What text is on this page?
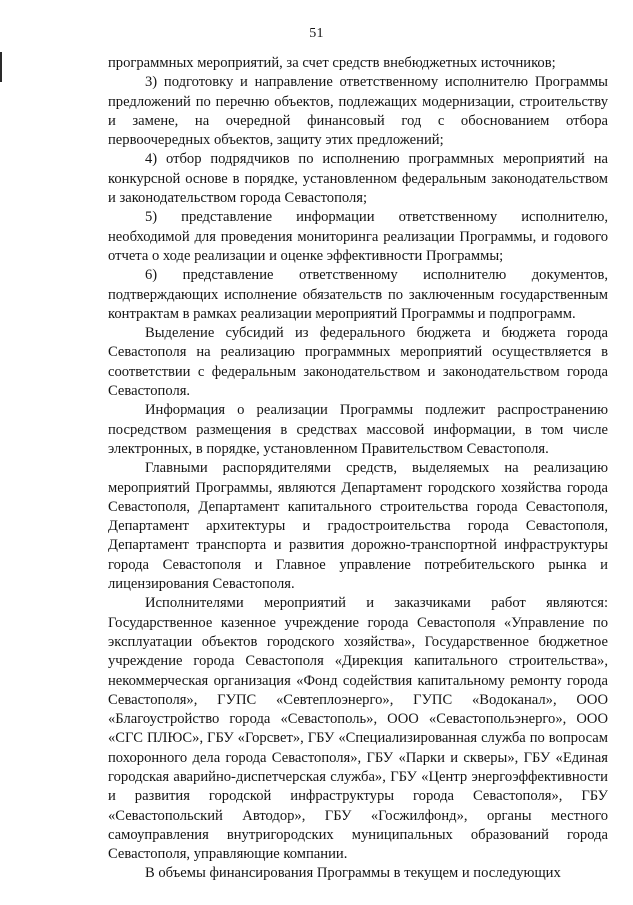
51

программных мероприятий, за счет средств внебюджетных источников;

3) подготовку и направление ответственному исполнителю Программы предложений по перечню объектов, подлежащих модернизации, строительству и замене, на очередной финансовый год с обоснованием отбора первоочередных объектов, защиту этих предложений;

4) отбор подрядчиков по исполнению программных мероприятий на конкурсной основе в порядке, установленном федеральным законодательством и законодательством города Севастополя;

5) представление информации ответственному исполнителю, необходимой для проведения мониторинга реализации Программы, и годового отчета о ходе реализации и оценке эффективности Программы;

6) представление ответственному исполнителю документов, подтверждающих исполнение обязательств по заключенным государственным контрактам в рамках реализации мероприятий Программы и подпрограмм.

Выделение субсидий из федерального бюджета и бюджета города Севастополя на реализацию программных мероприятий осуществляется в соответствии с федеральным законодательством и законодательством города Севастополя.

Информация о реализации Программы подлежит распространению посредством размещения в средствах массовой информации, в том числе электронных, в порядке, установленном Правительством Севастополя.

Главными распорядителями средств, выделяемых на реализацию мероприятий Программы, являются Департамент городского хозяйства города Севастополя, Департамент капитального строительства города Севастополя, Департамент архитектуры и градостроительства города Севастополя, Департамент транспорта и развития дорожно-транспортной инфраструктуры города Севастополя и Главное управление потребительского рынка и лицензирования Севастополя.

Исполнителями мероприятий и заказчиками работ являются: Государственное казенное учреждение города Севастополя «Управление по эксплуатации объектов городского хозяйства», Государственное бюджетное учреждение города Севастополя «Дирекция капитального строительства», некоммерческая организация «Фонд содействия капитальному ремонту города Севастополя», ГУПС «Севтеплоэнерго», ГУПС «Водоканал», ООО «Благоустройство города «Севастополь», ООО «Севастопольэнерго», ООО «СГС ПЛЮС», ГБУ «Горсвет», ГБУ «Специализированная служба по вопросам похоронного дела города Севастополя», ГБУ «Парки и скверы», ГБУ «Единая городская аварийно-диспетчерская служба», ГБУ «Центр энергоэффективности и развития городской инфраструктуры города Севастополя», ГБУ «Севастопольский Автодор», ГБУ «Госжилфонд», органы местного самоуправления внутригородских муниципальных образований города Севастополя, управляющие компании.

В объемы финансирования Программы в текущем и последующих
